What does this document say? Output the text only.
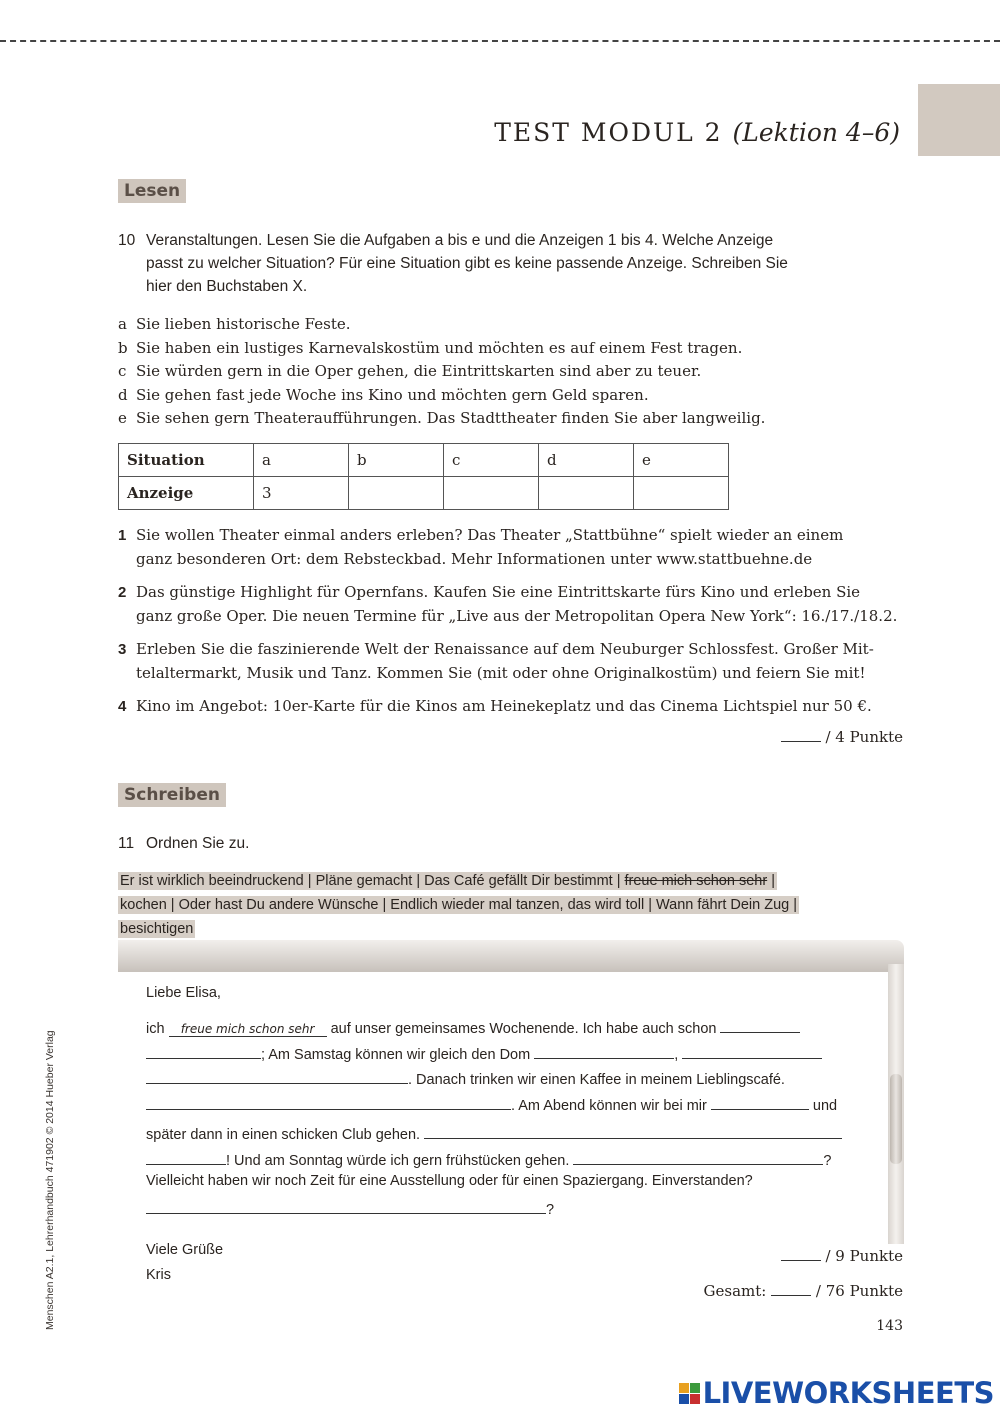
TEST MODUL 2 (Lektion 4–6)
Lesen
10 Veranstaltungen. Lesen Sie die Aufgaben a bis e und die Anzeigen 1 bis 4. Welche Anzeige
passt zu welcher Situation? Für eine Situation gibt es keine passende Anzeige. Schreiben Sie
hier den Buchstaben X.
a Sie lieben historische Feste.
b Sie haben ein lustiges Karnevalskostüm und möchten es auf einem Fest tragen.
c Sie würden gern in die Oper gehen, die Eintrittskarten sind aber zu teuer.
d Sie gehen fast jede Woche ins Kino und möchten gern Geld sparen.
e Sie sehen gern Theateraufführungen. Das Stadttheater finden Sie aber langweilig.
Situation	a	b	c	d	e
Anzeige	3				
1 Sie wollen Theater einmal anders erleben? Das Theater „Stattbühne“ spielt wieder an einem
ganz besonderen Ort: dem Rebsteckbad. Mehr Informationen unter www.stattbuehne.de
2 Das günstige Highlight für Opernfans. Kaufen Sie eine Eintrittskarte fürs Kino und erleben Sie
ganz große Oper. Die neuen Termine für „Live aus der Metropolitan Opera New York“: 16./17./18.2.
3 Erleben Sie die faszinierende Welt der Renaissance auf dem Neuburger Schlossfest. Großer Mit-
telaltermarkt, Musik und Tanz. Kommen Sie (mit oder ohne Originalkostüm) und feiern Sie mit!
4 Kino im Angebot: 10er-Karte für die Kinos am Heinekeplatz und das Cinema Lichtspiel nur 50 €.
/ 4 Punkte
Schreiben
11 Ordnen Sie zu.
Er ist wirklich beeindruckend | Pläne gemacht | Das Café gefällt Dir bestimmt | freue mich schon sehr |
kochen | Oder hast Du andere Wünsche | Endlich wieder mal tanzen, das wird toll | Wann fährt Dein Zug |
besichtigen
Liebe Elisa,
ich freue mich schon sehr auf unser gemeinsames Wochenende. Ich habe auch schon
; Am Samstag können wir gleich den Dom	,
. Danach trinken wir einen Kaffee in meinem Lieblingscafé.
. Am Abend können wir bei mir	und
später dann in einen schicken Club gehen.
! Und am Sonntag würde ich gern frühstücken gehen.	?
Vielleicht haben wir noch Zeit für eine Ausstellung oder für einen Spaziergang. Einverstanden?
?
Viele Grüße
Kris
/ 9 Punkte
Gesamt:	/ 76 Punkte
143
Menschen A2.1, Lehrerhandbuch 471902 © 2014 Hueber Verlag
LIVEWORKSHEETS
